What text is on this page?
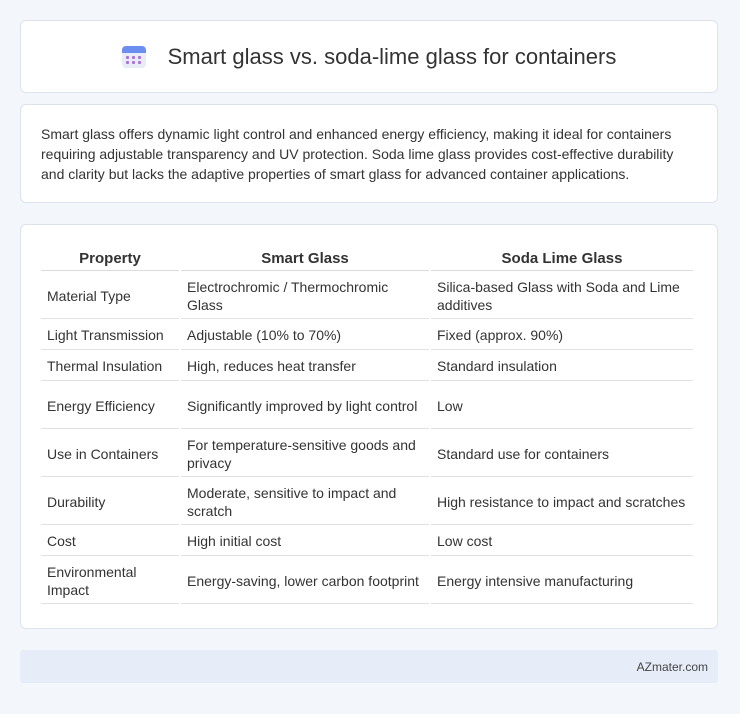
Smart glass vs. soda-lime glass for containers

Smart glass offers dynamic light control and enhanced energy efficiency, making it ideal for containers requiring adjustable transparency and UV protection. Soda lime glass provides cost-effective durability and clarity but lacks the adaptive properties of smart glass for advanced container applications.

Property	Smart Glass	Soda Lime Glass
Material Type	Electrochromic / Thermochromic Glass	Silica-based Glass with Soda and Lime additives
Light Transmission	Adjustable (10% to 70%)	Fixed (approx. 90%)
Thermal Insulation	High, reduces heat transfer	Standard insulation
Energy Efficiency	Significantly improved by light control	Low
Use in Containers	For temperature-sensitive goods and privacy	Standard use for containers
Durability	Moderate, sensitive to impact and scratch	High resistance to impact and scratches
Cost	High initial cost	Low cost
Environmental Impact	Energy-saving, lower carbon footprint	Energy intensive manufacturing
AZmater.com
